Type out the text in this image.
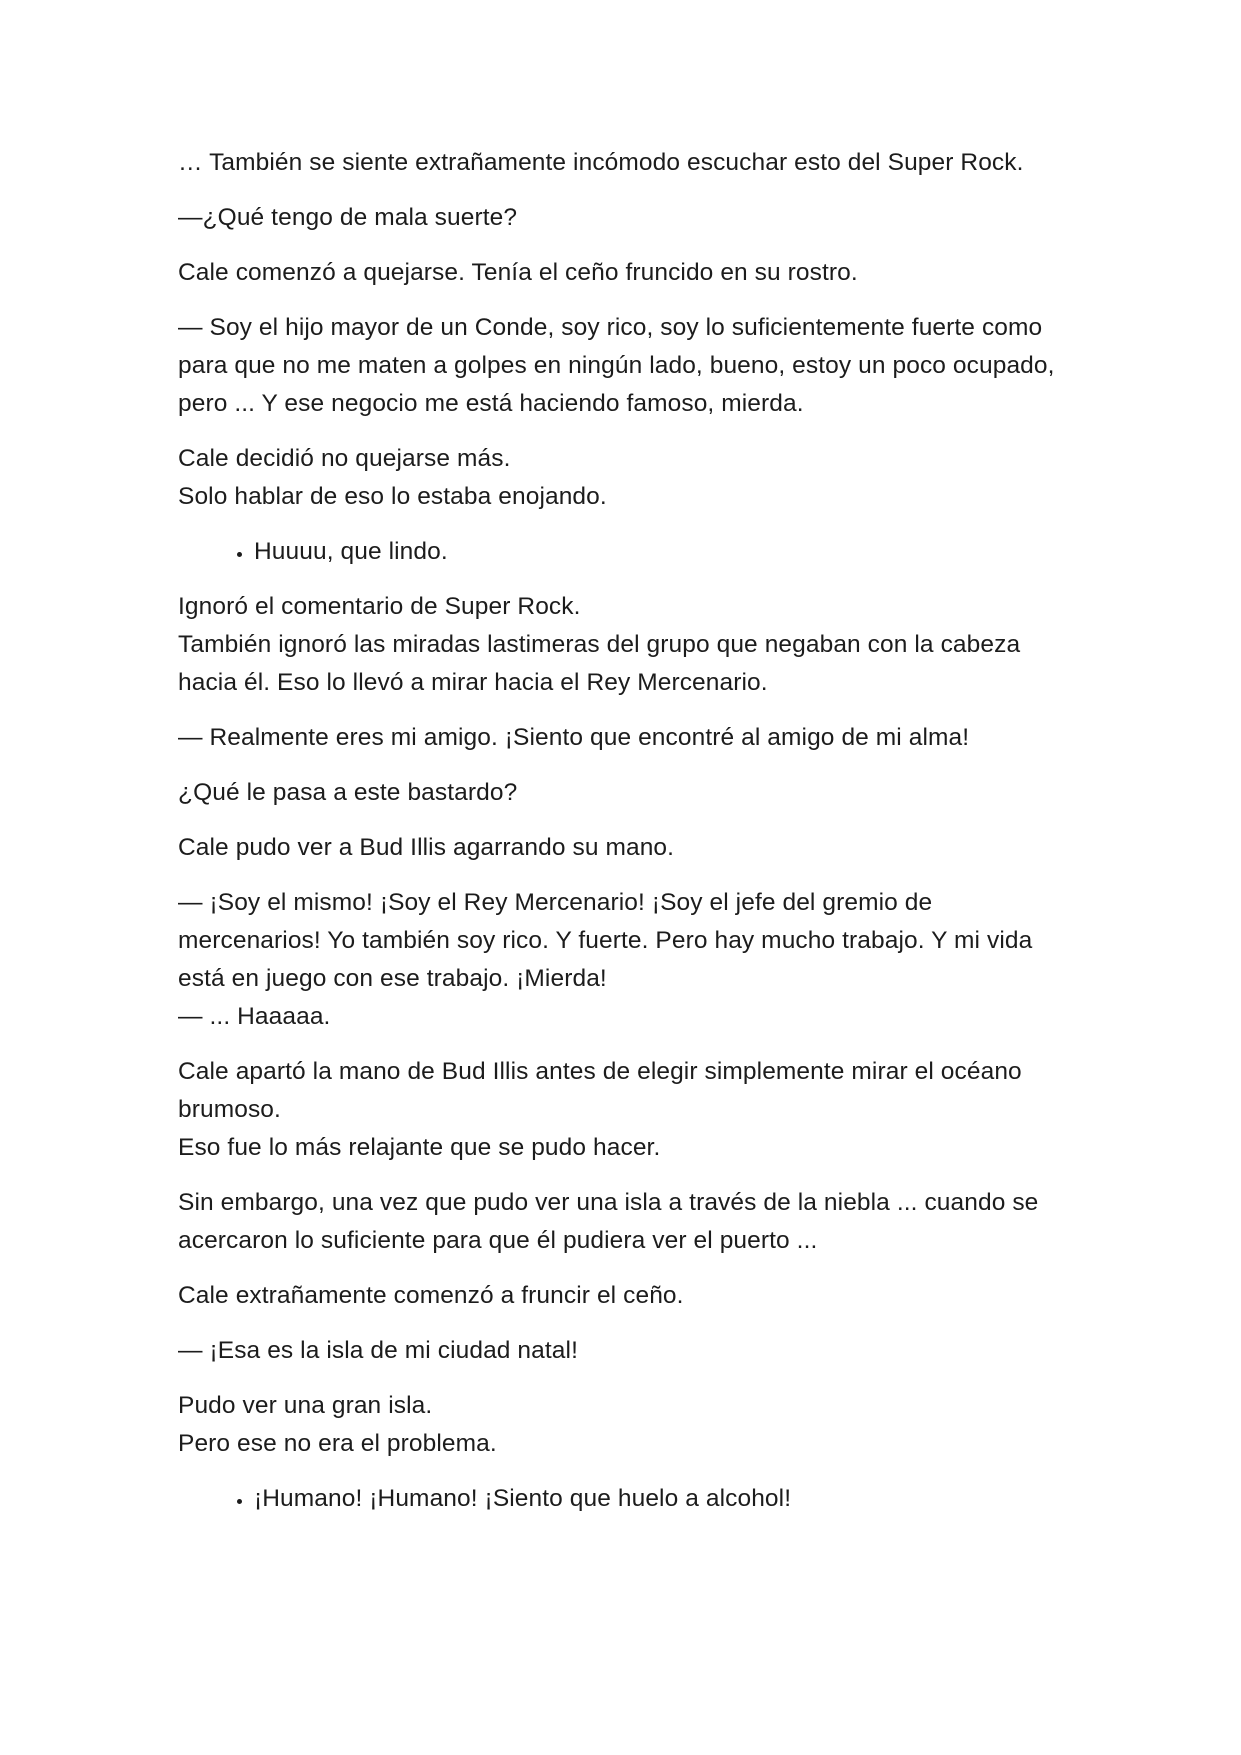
… También se siente extrañamente incómodo escuchar esto del Super Rock.

—¿Qué tengo de mala suerte?

Cale comenzó a quejarse. Tenía el ceño fruncido en su rostro.

— Soy el hijo mayor de un Conde, soy rico, soy lo suficientemente fuerte como para que no me maten a golpes en ningún lado, bueno, estoy un poco ocupado, pero ... Y ese negocio me está haciendo famoso, mierda.

Cale decidió no quejarse más.

Solo hablar de eso lo estaba enojando.

• Huuuu, que lindo.

Ignoró el comentario de Super Rock.

También ignoró las miradas lastimeras del grupo que negaban con la cabeza hacia él. Eso lo llevó a mirar hacia el Rey Mercenario.

— Realmente eres mi amigo. ¡Siento que encontré al amigo de mi alma!

¿Qué le pasa a este bastardo?

Cale pudo ver a Bud Illis agarrando su mano.

— ¡Soy el mismo! ¡Soy el Rey Mercenario! ¡Soy el jefe del gremio de mercenarios! Yo también soy rico. Y fuerte. Pero hay mucho trabajo. Y mi vida está en juego con ese trabajo. ¡Mierda!

— ... Haaaaa.

Cale apartó la mano de Bud Illis antes de elegir simplemente mirar el océano brumoso.

Eso fue lo más relajante que se pudo hacer.

Sin embargo, una vez que pudo ver una isla a través de la niebla ... cuando se acercaron lo suficiente para que él pudiera ver el puerto ...

Cale extrañamente comenzó a fruncir el ceño.

— ¡Esa es la isla de mi ciudad natal!

Pudo ver una gran isla.

Pero ese no era el problema.

• ¡Humano! ¡Humano! ¡Siento que huelo a alcohol!
